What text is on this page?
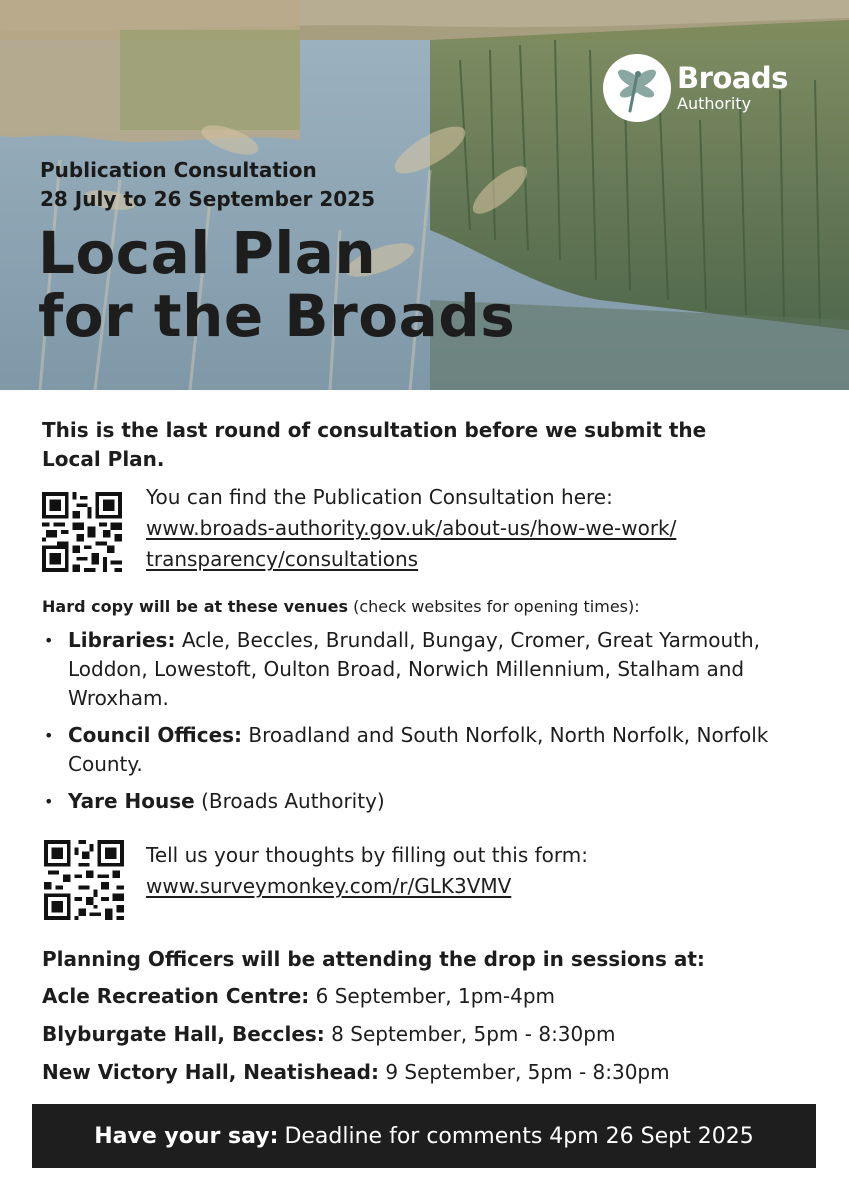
Broads
Authority
Publication Consultation
28 July to 26 September 2025
Local Plan
for the Broads

This is the last round of consultation before we submit the Local Plan.

You can find the Publication Consultation here:
www.broads-authority.gov.uk/about-us/how-we-work/
transparency/consultations
Hard copy will be at these venues (check websites for opening times):
• Libraries: Acle, Beccles, Brundall, Bungay, Cromer, Great Yarmouth, Loddon, Lowestoft, Oulton Broad, Norwich Millennium, Stalham and Wroxham.
• Council Offices: Broadland and South Norfolk, North Norfolk, Norfolk County.
• Yare House (Broads Authority)
Tell us your thoughts by filling out this form:
www.surveymonkey.com/r/GLK3VMV
Planning Officers will be attending the drop in sessions at:
Acle Recreation Centre: 6 September, 1pm-4pm
Blyburgate Hall, Beccles: 8 September, 5pm - 8:30pm
New Victory Hall, Neatishead: 9 September, 5pm - 8:30pm
Have your say: Deadline for comments 4pm 26 Sept 2025
